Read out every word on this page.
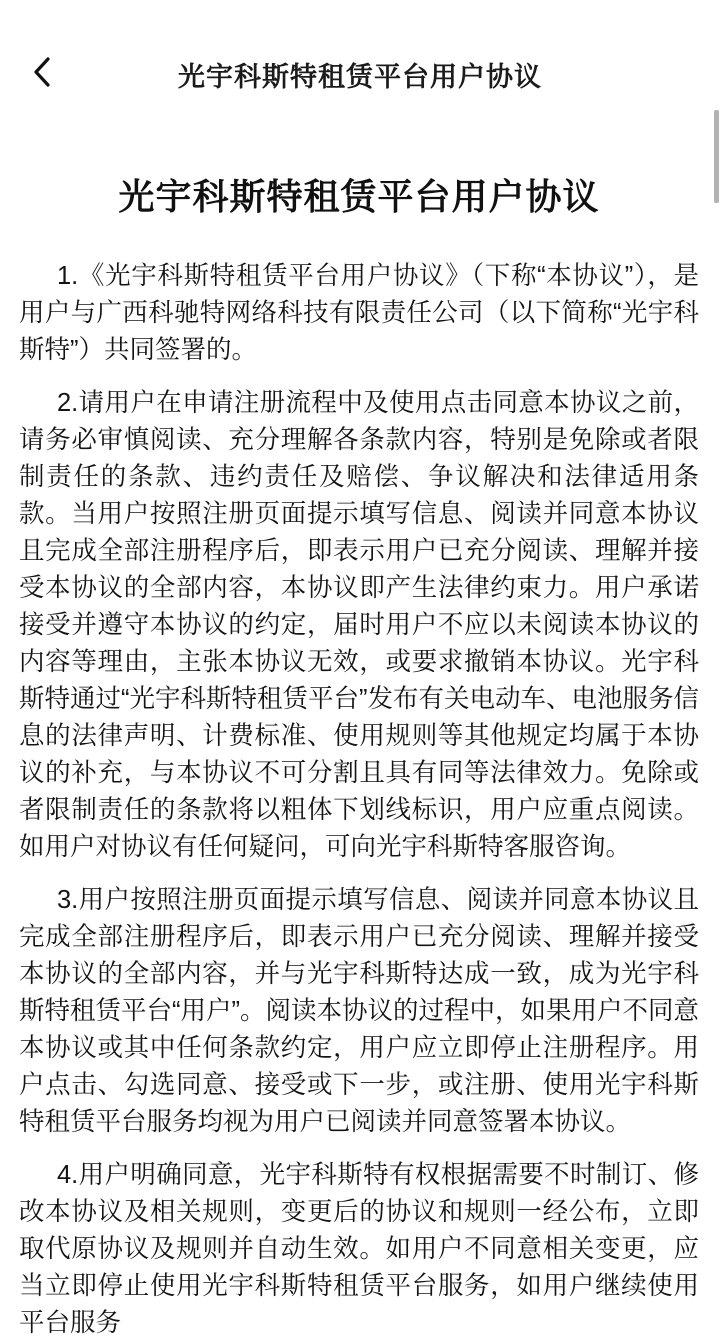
光宇科斯特租赁平台用户协议
光宇科斯特租赁平台用户协议

1.《光宇科斯特租赁平台用户协议》（下称“本协议”），是用户与广西科驰特网络科技有限责任公司（以下简称“光宇科斯特”）共同签署的。

2.请用户在申请注册流程中及使用点击同意本协议之前，请务必审慎阅读、充分理解各条款内容，特别是免除或者限制责任的条款、违约责任及赔偿、争议解决和法律适用条款。当用户按照注册页面提示填写信息、阅读并同意本协议且完成全部注册程序后，即表示用户已充分阅读、理解并接受本协议的全部内容，本协议即产生法律约束力。用户承诺接受并遵守本协议的约定，届时用户不应以未阅读本协议的内容等理由，主张本协议无效，或要求撤销本协议。光宇科斯特通过“光宇科斯特租赁平台”发布有关电动车、电池服务信息的法律声明、计费标准、使用规则等其他规定均属于本协议的补充，与本协议不可分割且具有同等法律效力。免除或者限制责任的条款将以粗体下划线标识，用户应重点阅读。如用户对协议有任何疑问，可向光宇科斯特客服咨询。

3.用户按照注册页面提示填写信息、阅读并同意本协议且完成全部注册程序后，即表示用户已充分阅读、理解并接受本协议的全部内容，并与光宇科斯特达成一致，成为光宇科斯特租赁平台“用户”。阅读本协议的过程中，如果用户不同意本协议或其中任何条款约定，用户应立即停止注册程序。用户点击、勾选同意、接受或下一步，或注册、使用光宇科斯特租赁平台服务均视为用户已阅读并同意签署本协议。

4.用户明确同意，光宇科斯特有权根据需要不时制订、修改本协议及相关规则，变更后的协议和规则一经公布，立即取代原协议及规则并自动生效。如用户不同意相关变更，应当立即停止使用光宇科斯特租赁平台服务，如用户继续使用平台服务
